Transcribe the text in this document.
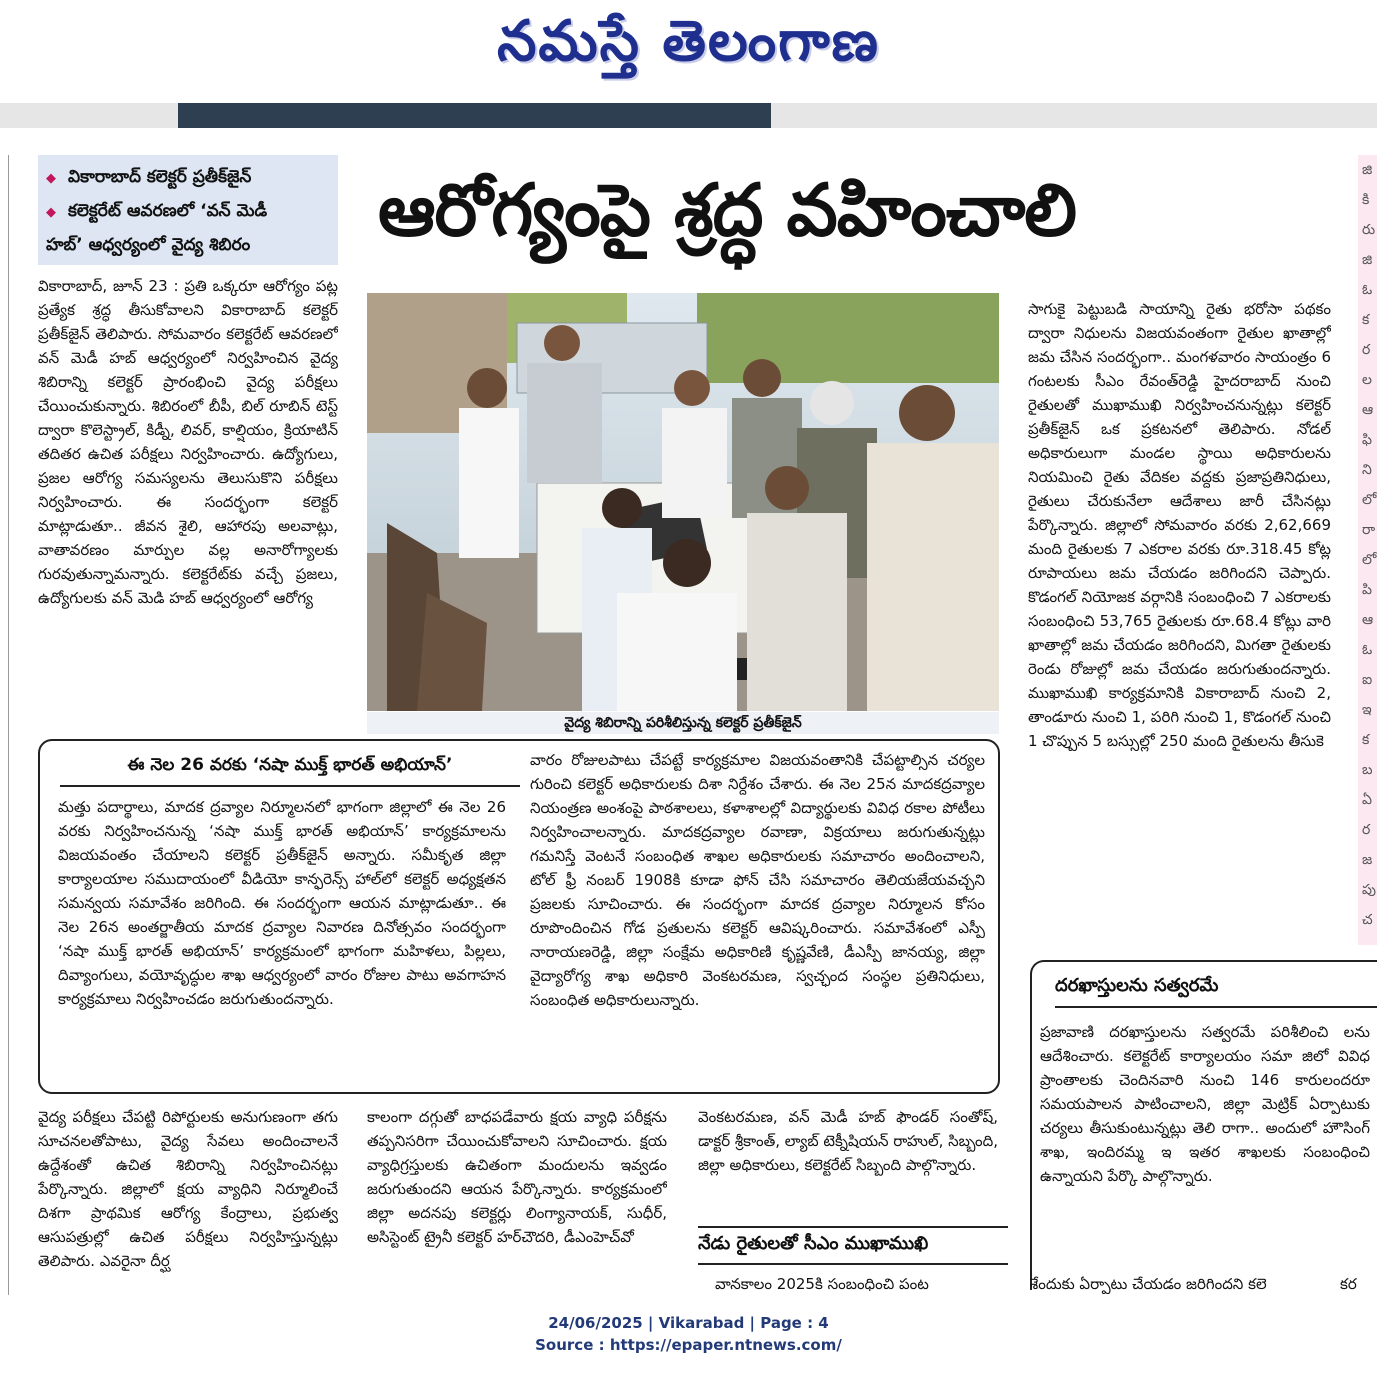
నమస్తే తెలంగాణ
జి
కి
రు
జి
ఓ
క
ర
ల
ఆ
ఫి
ని
లో
రా
లో
పి
ఆ
ఓ
ఐ
ఇ
క
బ
ఏ
ర
జ
పు
చ
◆ వికారాబాద్ కలెక్టర్ ప్రతీక్‌జైన్
◆ కలెక్టరేట్ ఆవరణలో ‘వన్ మెడీ
హబ్’ ఆధ్వర్యంలో వైద్య శిబిరం	ఆరోగ్యంపై శ్రద్ధ వహించాలి
వికారాబాద్, జూన్ 23 : ప్రతి ఒక్కరూ ఆరోగ్యం పట్ల ప్రత్యేక శ్రద్ధ తీసుకోవాలని వికారాబాద్ కలెక్టర్ ప్రతీక్‌జైన్ తెలిపారు. సోమవారం కలెక్టరేట్ ఆవరణలో వన్ మెడీ హబ్ ఆధ్వర్యంలో నిర్వహించిన వైద్య శిబిరాన్ని కలెక్టర్ ప్రారంభించి వైద్య పరీక్షలు చేయించుకున్నారు. శిబిరంలో బీపీ, బిల్ రూబిన్ టెస్ట్ ద్వారా కొలెస్ట్రాల్, కిడ్నీ, లివర్, కాల్షియం, క్రియాటిన్ తదితర ఉచిత పరీక్షలు నిర్వహించారు. ఉద్యోగులు, ప్రజల ఆరోగ్య సమస్యలను తెలుసుకొని పరీక్షలు నిర్వహించారు. ఈ సందర్భంగా కలెక్టర్ మాట్లాడుతూ.. జీవన శైలి, ఆహారపు అలవాట్లు, వాతావరణం మార్పుల వల్ల అనారోగ్యాలకు గురవుతున్నామన్నారు. కలెక్టరేట్‌కు వచ్చే ప్రజలు, ఉద్యోగులకు వన్ మెడి హబ్ ఆధ్వర్యంలో ఆరోగ్య
వైద్య శిబిరాన్ని పరిశీలిస్తున్న కలెక్టర్ ప్రతీక్‌జైన్
సాగుకై పెట్టుబడి సాయాన్ని రైతు భరోసా పథకం ద్వారా నిధులను విజయవంతంగా రైతుల ఖాతాల్లో జమ చేసిన సందర్భంగా.. మంగళవారం సాయంత్రం 6 గంటలకు సీఎం రేవంత్‌రెడ్డి హైదరాబాద్ నుంచి రైతులతో ముఖాముఖి నిర్వహించనున్నట్లు కలెక్టర్ ప్రతీక్‌జైన్ ఒక ప్రకటనలో తెలిపారు. నోడల్ అధికారులుగా మండల స్థాయి అధికారులను నియమించి రైతు వేదికల వద్దకు ప్రజాప్రతినిధులు, రైతులు చేరుకునేలా ఆదేశాలు జారీ చేసినట్లు పేర్కొన్నారు. జిల్లాలో సోమవారం వరకు 2,62,669 మంది రైతులకు 7 ఎకరాల వరకు రూ.318.45 కోట్ల రూపాయలు జమ చేయడం జరిగిందని చెప్పారు. కొడంగల్ నియోజక వర్గానికి సంబంధించి 7 ఎకరాలకు సంబంధించి 53,765 రైతులకు రూ.68.4 కోట్లు వారి ఖాతాల్లో జమ చేయడం జరిగిందని, మిగతా రైతులకు రెండు రోజుల్లో జమ చేయడం జరుగుతుందన్నారు. ముఖాముఖి కార్యక్రమానికి వికారాబాద్ నుంచి 2, తాండూరు నుంచి 1, పరిగి నుంచి 1, కొడంగల్ నుంచి 1 చొప్పున 5 బస్సుల్లో 250 మంది రైతులను తీసుకె
ఈ నెల 26 వరకు ‘నషా ముక్త్ భారత్ అభియాన్’
మత్తు పదార్థాలు, మాదక ద్రవ్యాల నిర్మూలనలో భాగంగా జిల్లాలో ఈ నెల 26 వరకు నిర్వహించనున్న ‘నషా ముక్త్ భారత్ అభియాన్’ కార్యక్రమాలను విజయవంతం చేయాలని కలెక్టర్ ప్రతీక్‌జైన్ అన్నారు. సమీకృత జిల్లా కార్యాలయాల సముదాయంలో వీడియో కాన్ఫరెన్స్ హాల్‌లో కలెక్టర్ అధ్యక్షతన సమన్వయ సమావేశం జరిగింది. ఈ సందర్భంగా ఆయన మాట్లాడుతూ.. ఈ నెల 26న అంతర్జాతీయ మాదక ద్రవ్యాల నివారణ దినోత్సవం సందర్భంగా ‘నషా ముక్త్ భారత్ అభియాన్’ కార్యక్రమంలో భాగంగా మహిళలు, పిల్లలు, దివ్యాంగులు, వయోవృద్ధుల శాఖ ఆధ్వర్యంలో వారం రోజుల పాటు అవగాహన కార్యక్రమాలు నిర్వహించడం జరుగుతుందన్నారు.
వారం రోజులపాటు చేపట్టే కార్యక్రమాల విజయవంతానికి చేపట్టాల్సిన చర్యల గురించి కలెక్టర్ అధికారులకు దిశా నిర్దేశం చేశారు. ఈ నెల 25న మాదకద్రవ్యాల నియంత్రణ అంశంపై పాఠశాలలు, కళాశాలల్లో విద్యార్థులకు వివిధ రకాల పోటీలు నిర్వహించాలన్నారు. మాదకద్రవ్యాల రవాణా, విక్రయాలు జరుగుతున్నట్లు గమనిస్తే వెంటనే సంబంధిత శాఖల అధికారులకు సమాచారం అందించాలని, టోల్ ఫ్రీ నంబర్ 1908కి కూడా ఫోన్ చేసి సమాచారం తెలియజేయవచ్చని ప్రజలకు సూచించారు. ఈ సందర్భంగా మాదక ద్రవ్యాల నిర్మూలన కోసం రూపొందించిన గోడ ప్రతులను కలెక్టర్ ఆవిష్కరించారు. సమావేశంలో ఎస్పీ నారాయణరెడ్డి, జిల్లా సంక్షేమ అధికారిణి కృష్ణవేణి, డీఎస్పీ జానయ్య, జిల్లా వైద్యారోగ్య శాఖ అధికారి వెంకటరమణ, స్వచ్ఛంద సంస్థల ప్రతినిధులు, సంబంధిత అధికారులున్నారు.
దరఖాస్తులను సత్వరమే
ప్రజావాణి దరఖాస్తులను సత్వరమే పరిశీలించి లను ఆదేశించారు. కలెక్టరేట్ కార్యాలయం సమా జిలో వివిధ ప్రాంతాలకు చెందినవారి నుంచి 146 కారులందరూ సమయపాలన పాటించాలని, జిల్లా మెట్రిక్ ఏర్పాటుకు చర్యలు తీసుకుంటున్నట్లు తెలి రాగా.. అందులో హౌసింగ్ శాఖ, ఇందిరమ్మ ఇ ఇతర శాఖలకు సంబంధించి ఉన్నాయని పేర్కొ పాల్గొన్నారు.
శేందుకు ఏర్పాటు చేయడం జరిగిందని కలె
వైద్య పరీక్షలు చేపట్టి రిపోర్టులకు అనుగుణంగా తగు సూచనలతోపాటు, వైద్య సేవలు అందించాలనే ఉద్దేశంతో ఉచిత శిబిరాన్ని నిర్వహించినట్లు పేర్కొన్నారు. జిల్లాలో క్షయ వ్యాధిని నిర్మూలించే దిశగా ప్రాథమిక ఆరోగ్య కేంద్రాలు, ప్రభుత్వ ఆసుపత్రుల్లో ఉచిత పరీక్షలు నిర్వహిస్తున్నట్లు తెలిపారు. ఎవరైనా దీర్ఘ
కాలంగా దగ్గుతో బాధపడేవారు క్షయ వ్యాధి పరీక్షను తప్పనిసరిగా చేయించుకోవాలని సూచించారు. క్షయ వ్యాధిగ్రస్తులకు ఉచితంగా మందులను ఇవ్వడం జరుగుతుందని ఆయన పేర్కొన్నారు. కార్యక్రమంలో జిల్లా అదనపు కలెక్టర్లు లింగ్యానాయక్, సుధీర్, అసిస్టెంట్ ట్రైనీ కలెక్టర్ హర్‌చౌదరి, డీఎంహెచ్‌వో
వెంకటరమణ, వన్ మెడీ హబ్ ఫౌండర్ సంతోష్, డాక్టర్ శ్రీకాంత్, ల్యాబ్ టెక్నీషియన్ రాహుల్, సిబ్బంది, జిల్లా అధికారులు, కలెక్టరేట్ సిబ్బంది పాల్గొన్నారు.
నేడు రైతులతో సీఎం ముఖాముఖి
వానకాలం 2025కి సంబంధించి పంట	కర
24/06/2025 | Vikarabad | Page : 4
Source : https://epaper.ntnews.com/
